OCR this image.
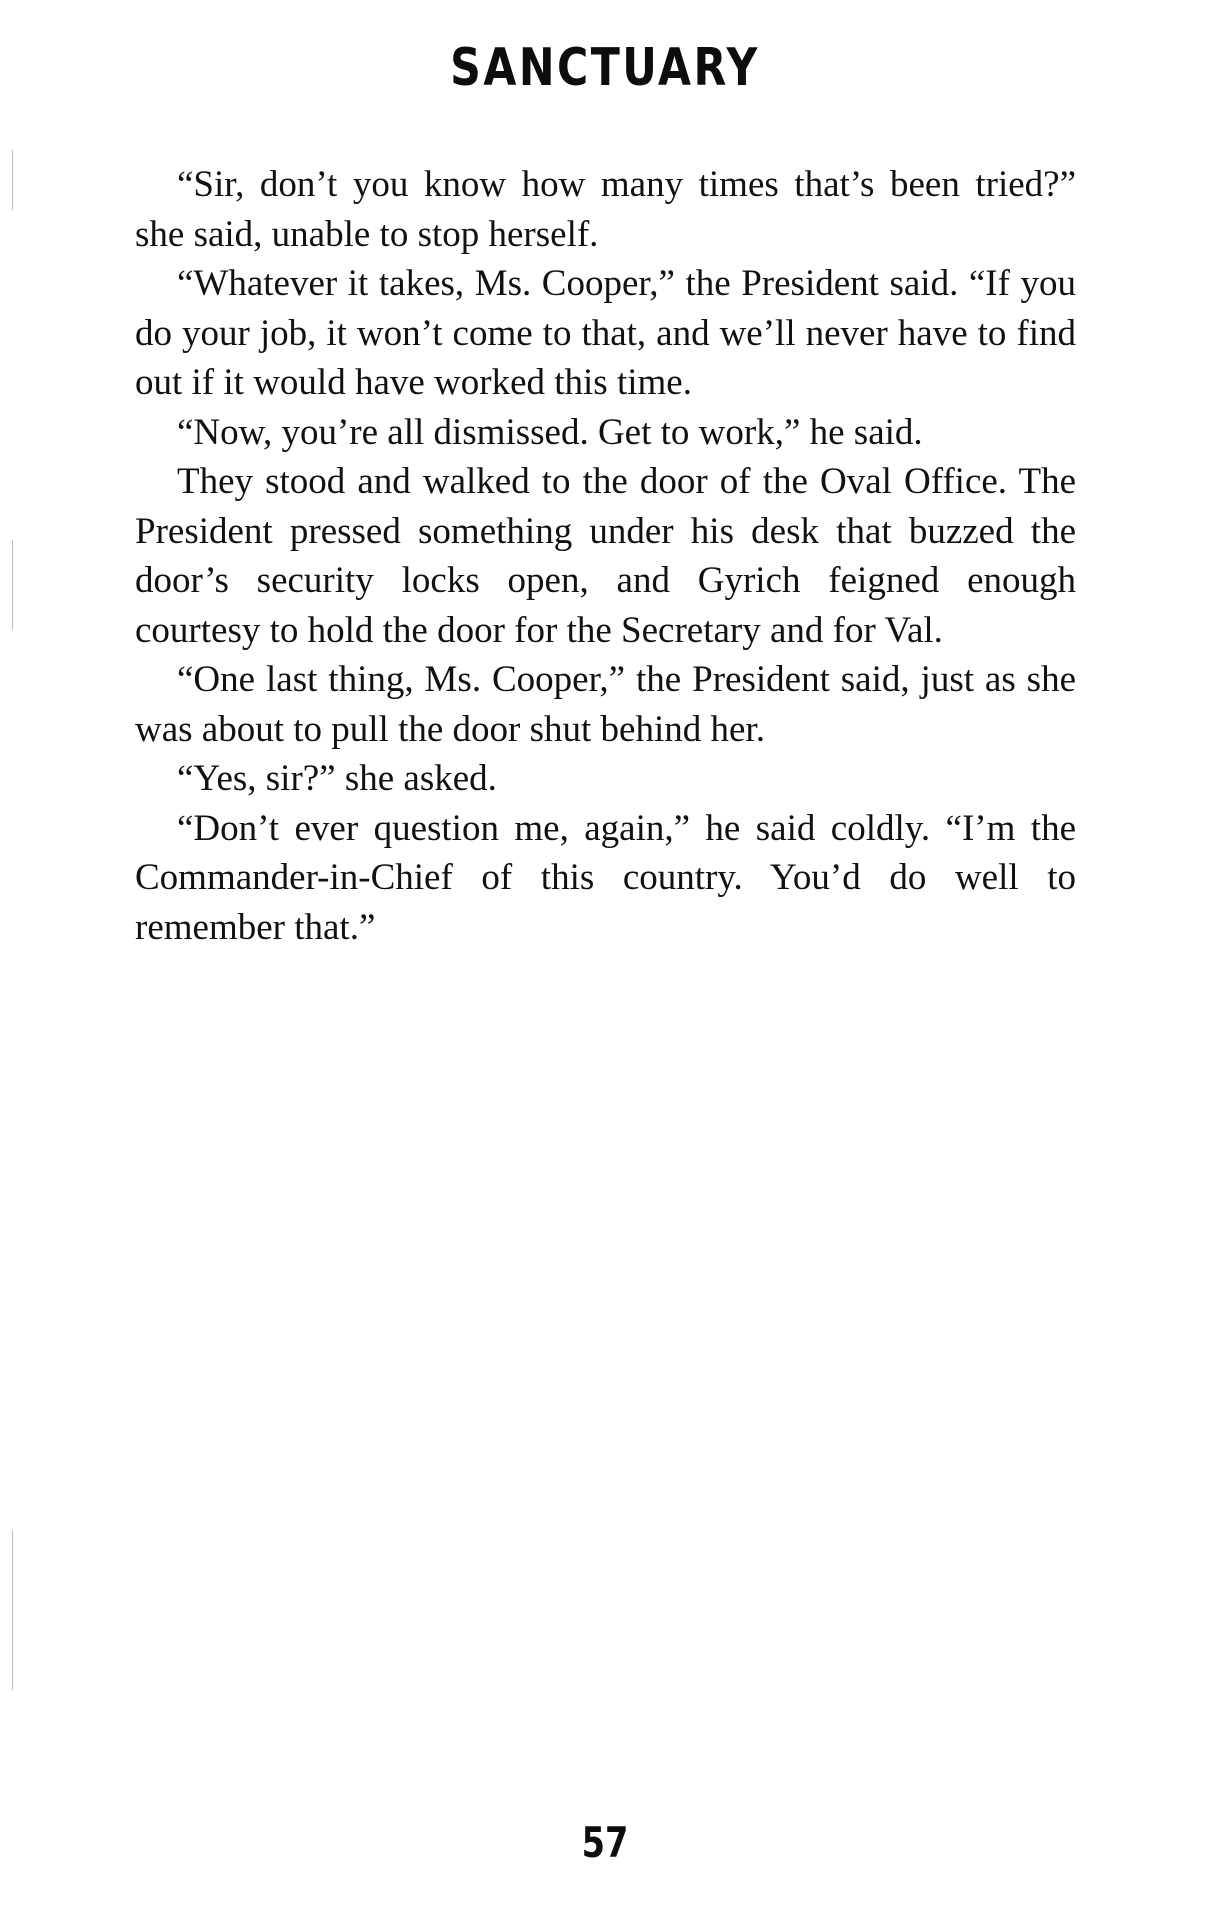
SANCTUARY

“Sir, don’t you know how many times that’s been tried?” she said, unable to stop herself.

“Whatever it takes, Ms. Cooper,” the President said. “If you do your job, it won’t come to that, and we’ll never have to find out if it would have worked this time.

“Now, you’re all dismissed. Get to work,” he said.

They stood and walked to the door of the Oval Office. The President pressed something under his desk that buzzed the door’s security locks open, and Gyrich feigned enough courtesy to hold the door for the Secretary and for Val.

“One last thing, Ms. Cooper,” the President said, just as she was about to pull the door shut behind her.

“Yes, sir?” she asked.

“Don’t ever question me, again,” he said coldly. “I’m the Commander-in-Chief of this country. You’d do well to remember that.”

57
